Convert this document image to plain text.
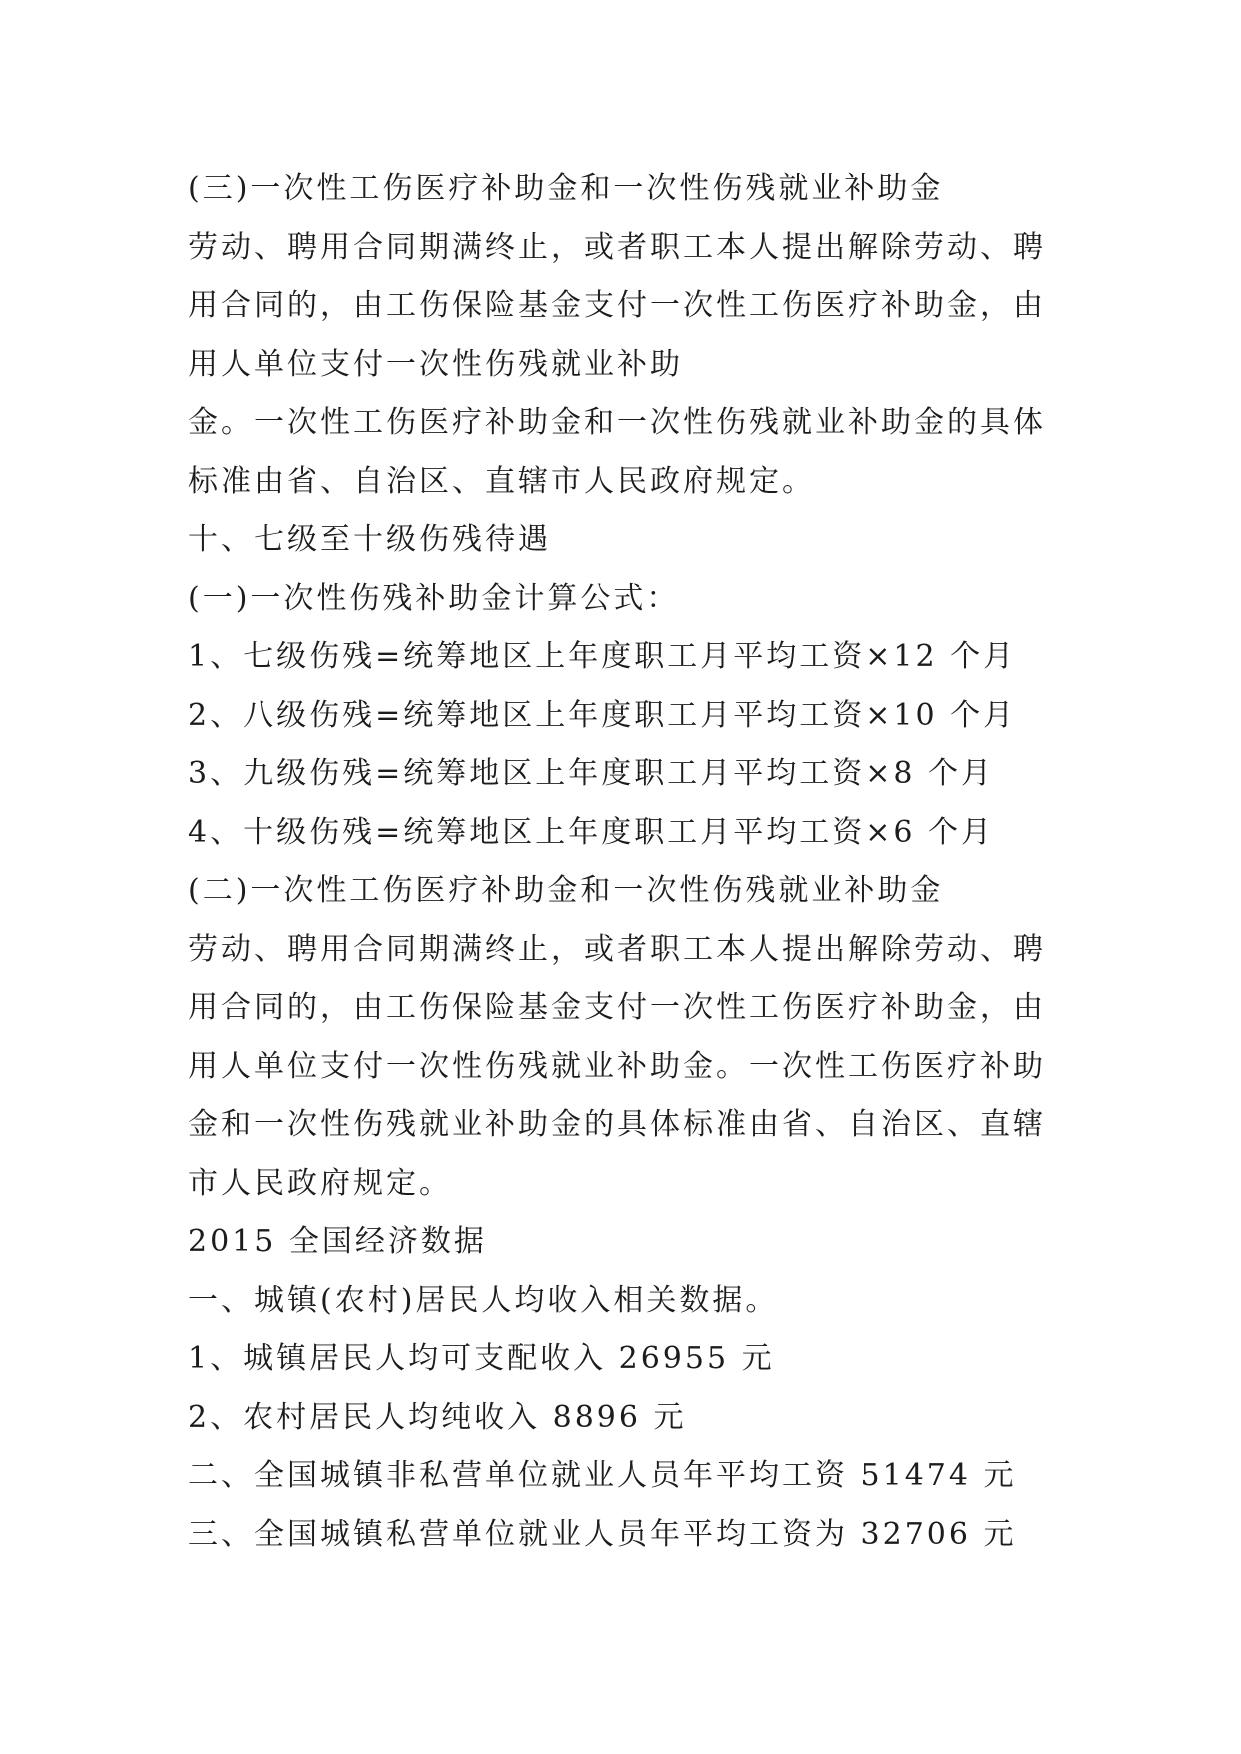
(三)一次性工伤医疗补助金和一次性伤残就业补助金
劳动、聘用合同期满终止，或者职工本人提出解除劳动、聘
用合同的，由工伤保险基金支付一次性工伤医疗补助金，由
用人单位支付一次性伤残就业补助
金。一次性工伤医疗补助金和一次性伤残就业补助金的具体
标准由省、自治区、直辖市人民政府规定。
十、七级至十级伤残待遇
(一)一次性伤残补助金计算公式：
1、七级伤残=统筹地区上年度职工月平均工资×12 个月
2、八级伤残=统筹地区上年度职工月平均工资×10 个月
3、九级伤残=统筹地区上年度职工月平均工资×8 个月
4、十级伤残=统筹地区上年度职工月平均工资×6 个月
(二)一次性工伤医疗补助金和一次性伤残就业补助金
劳动、聘用合同期满终止，或者职工本人提出解除劳动、聘
用合同的，由工伤保险基金支付一次性工伤医疗补助金，由
用人单位支付一次性伤残就业补助金。一次性工伤医疗补助
金和一次性伤残就业补助金的具体标准由省、自治区、直辖
市人民政府规定。
2015 全国经济数据
一、城镇(农村)居民人均收入相关数据。
1、城镇居民人均可支配收入 26955 元
2、农村居民人均纯收入 8896 元
二、全国城镇非私营单位就业人员年平均工资 51474 元
三、全国城镇私营单位就业人员年平均工资为 32706 元
